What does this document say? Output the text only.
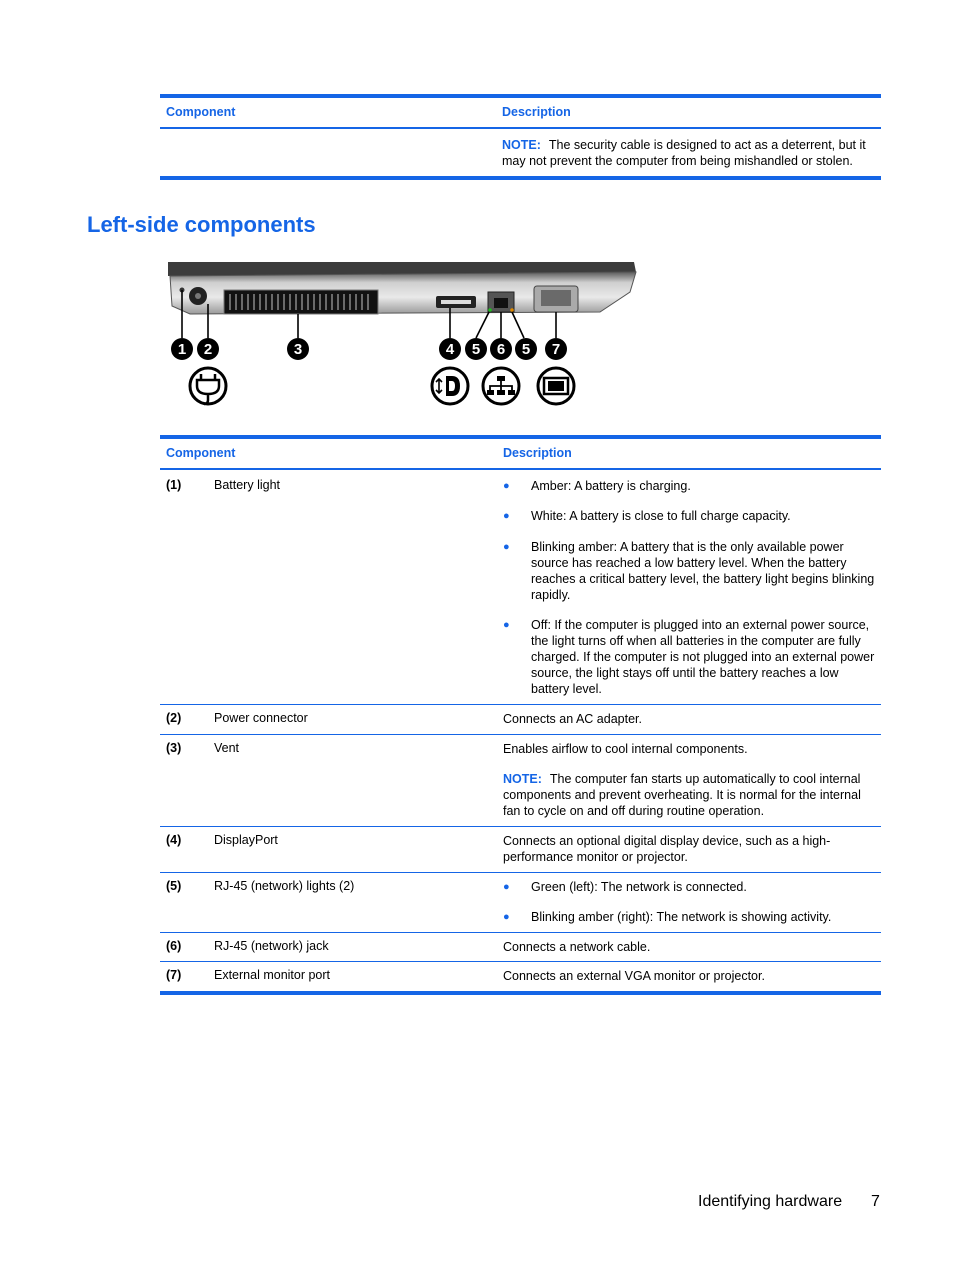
Component	Description
NOTE: The security cable is designed to act as a deterrent, but it may not prevent the computer from being mishandled or stolen.
Left-side components
1 2	3	4 5 6 5 7
Component	Description
(1)	Battery light	● Amber: A battery is charging.
● White: A battery is close to full charge capacity.
● Blinking amber: A battery that is the only available power source has reached a low battery level. When the battery reaches a critical battery level, the battery light begins blinking rapidly.
● Off: If the computer is plugged into an external power source, the light turns off when all batteries in the computer are fully charged. If the computer is not plugged into an external power source, the light stays off until the battery reaches a low battery level.
(2)	Power connector	Connects an AC adapter.
(3)	Vent	Enables airflow to cool internal components.
NOTE: The computer fan starts up automatically to cool internal components and prevent overheating. It is normal for the internal fan to cycle on and off during routine operation.
(4)	DisplayPort	Connects an optional digital display device, such as a high-performance monitor or projector.
(5)	RJ-45 (network) lights (2)	● Green (left): The network is connected.
● Blinking amber (right): The network is showing activity.
(6)	RJ-45 (network) jack	Connects a network cable.
(7)	External monitor port	Connects an external VGA monitor or projector.
Identifying hardware 7
